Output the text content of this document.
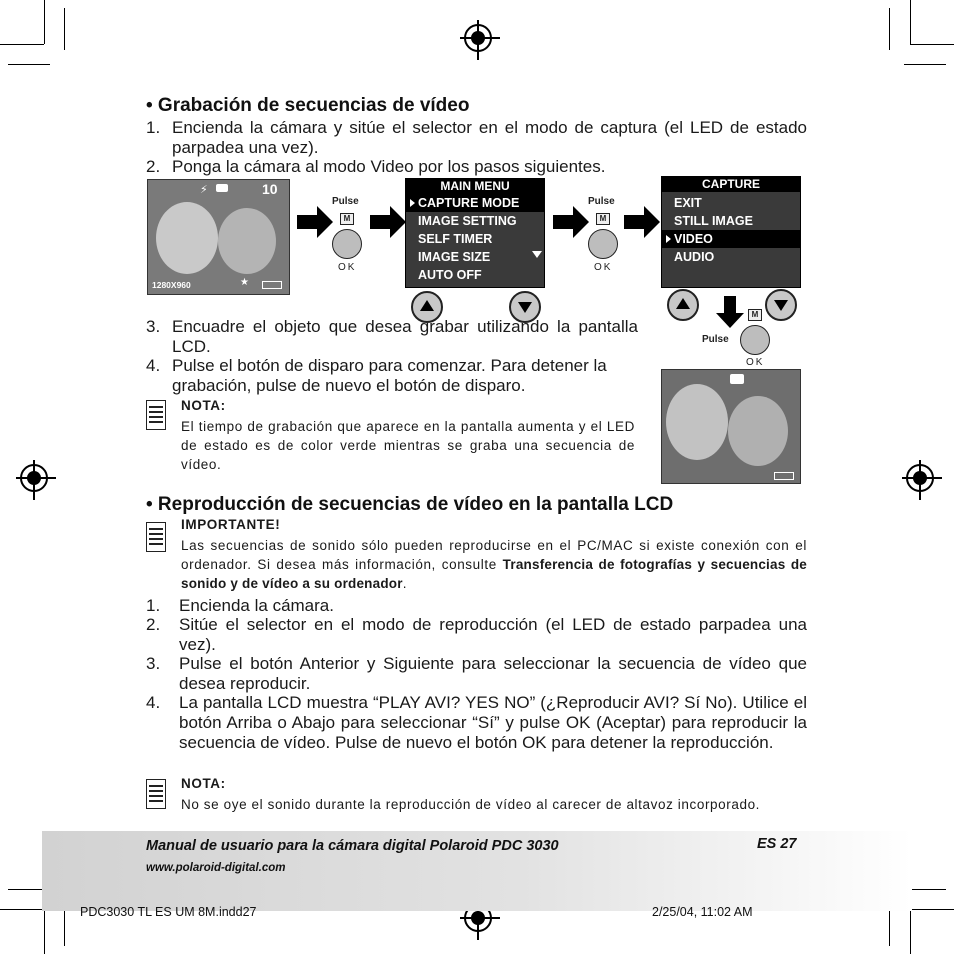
• Grabación de secuencias de vídeo
1. Encienda la cámara y sitúe el selector en el modo de captura (el LED de estado parpadea una vez).
2. Ponga la cámara al modo Video por los pasos siguientes.
⚡	10
1280X960	★
Pulse
M
OK
MAIN MENU
CAPTURE MODE
IMAGE SETTING
SELF TIMER
IMAGE SIZE
AUTO OFF
Pulse
M
OK
CAPTURE
EXIT
STILL IMAGE
VIDEO
AUDIO
M
Pulse
OK
3. Encuadre el objeto que desea grabar utilizando la pantalla LCD.
4. Pulse el botón de disparo para comenzar. Para detener la grabación, pulse de nuevo el botón de disparo.
NOTA:
El tiempo de grabación que aparece en la pantalla aumenta y el LED de estado es de color verde mientras se graba una secuencia de vídeo.
• Reproducción de secuencias de vídeo en la pantalla LCD
IMPORTANTE!
Las secuencias de sonido sólo pueden reproducirse en el PC/MAC si existe conexión con el ordenador. Si desea más información, consulte Transferencia de fotografías y secuencias de sonido y de vídeo a su ordenador.
1.	Encienda la cámara.
2.	Sitúe el selector en el modo de reproducción (el LED de estado parpadea una vez).
3.	Pulse el botón Anterior y Siguiente para seleccionar la secuencia de vídeo que desea reproducir.
4.	La pantalla LCD muestra “PLAY AVI? YES NO” (¿Reproducir AVI? Sí No). Utilice el botón Arriba o Abajo para seleccionar “Sí” y pulse OK (Aceptar) para reproducir la secuencia de vídeo. Pulse de nuevo el botón OK para detener la reproducción.
NOTA:
No se oye el sonido durante la reproducción de vídeo al carecer de altavoz incorporado.
Manual de usuario para la cámara digital Polaroid PDC 3030	ES 27
www.polaroid-digital.com
PDC3030 TL ES UM 8M.indd27	2/25/04, 11:02 AM
